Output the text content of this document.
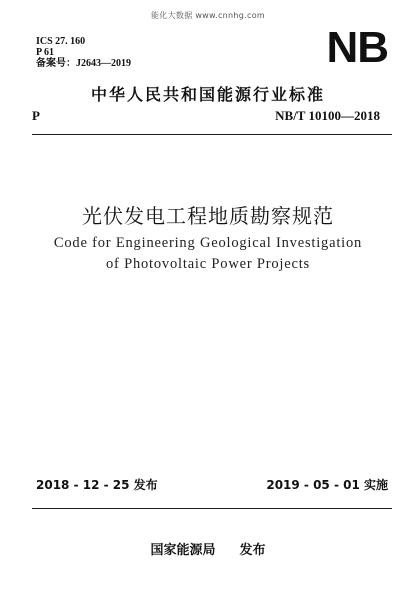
能化大数据 www.cnnhg.com
ICS 27. 160
P 61
备案号：J2643—2019	NB
中华人民共和国能源行业标准
P	NB/T 10100—2018
光伏发电工程地质勘察规范
Code for Engineering Geological Investigation
of Photovoltaic Power Projects
2018 - 12 - 25 发布	2019 - 05 - 01 实施
国家能源局 发布
